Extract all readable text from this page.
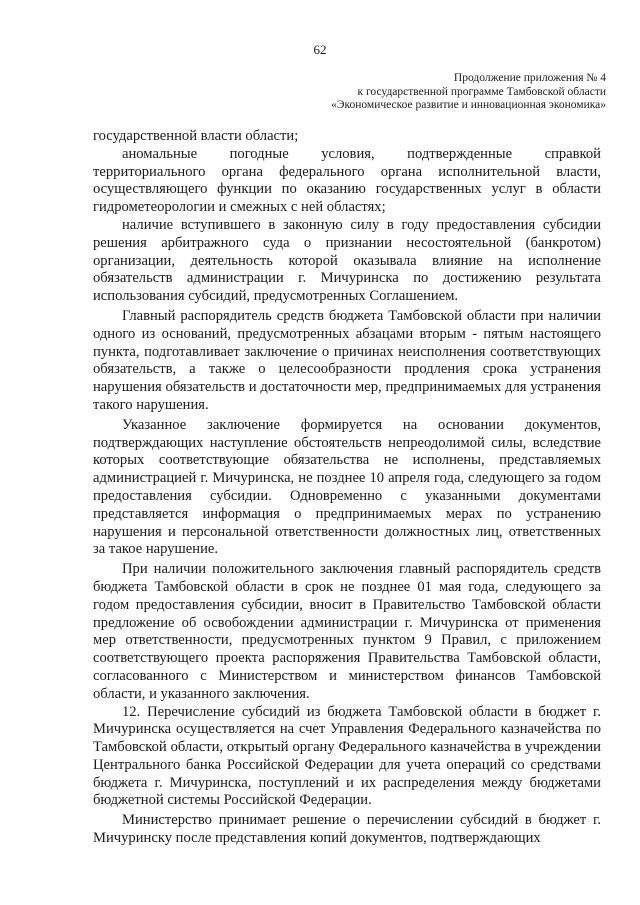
62
Продолжение приложения № 4
к государственной программе Тамбовской области
«Экономическое развитие и инновационная экономика»

государственной власти области;

аномальные погодные условия, подтвержденные справкой территориального органа федерального органа исполнительной власти, осуществляющего функции по оказанию государственных услуг в области гидрометеорологии и смежных с ней областях;

наличие вступившего в законную силу в году предоставления субсидии решения арбитражного суда о признании несостоятельной (банкротом) организации, деятельность которой оказывала влияние на исполнение обязательств администрации г. Мичуринска по достижению результата использования субсидий, предусмотренных Соглашением.

Главный распорядитель средств бюджета Тамбовской области при наличии одного из оснований, предусмотренных абзацами вторым - пятым настоящего пункта, подготавливает заключение о причинах неисполнения соответствующих обязательств, а также о целесообразности продления срока устранения нарушения обязательств и достаточности мер, предпринимаемых для устранения такого нарушения.

Указанное заключение формируется на основании документов, подтверждающих наступление обстоятельств непреодолимой силы, вследствие которых соответствующие обязательства не исполнены, представляемых администрацией г. Мичуринска, не позднее 10 апреля года, следующего за годом предоставления субсидии. Одновременно с указанными документами представляется информация о предпринимаемых мерах по устранению нарушения и персональной ответственности должностных лиц, ответственных за такое нарушение.

При наличии положительного заключения главный распорядитель средств бюджета Тамбовской области в срок не позднее 01 мая года, следующего за годом предоставления субсидии, вносит в Правительство Тамбовской области предложение об освобождении администрации г. Мичуринска от применения мер ответственности, предусмотренных пунктом 9 Правил, с приложением соответствующего проекта распоряжения Правительства Тамбовской области, согласованного с Министерством и министерством финансов Тамбовской области, и указанного заключения.

12. Перечисление субсидий из бюджета Тамбовской области в бюджет г. Мичуринска осуществляется на счет Управления Федерального казначейства по Тамбовской области, открытый органу Федерального казначейства в учреждении Центрального банка Российской Федерации для учета операций со средствами бюджета г. Мичуринска, поступлений и их распределения между бюджетами бюджетной системы Российской Федерации.

Министерство принимает решение о перечислении субсидий в бюджет г. Мичуринску после представления копий документов, подтверждающих
